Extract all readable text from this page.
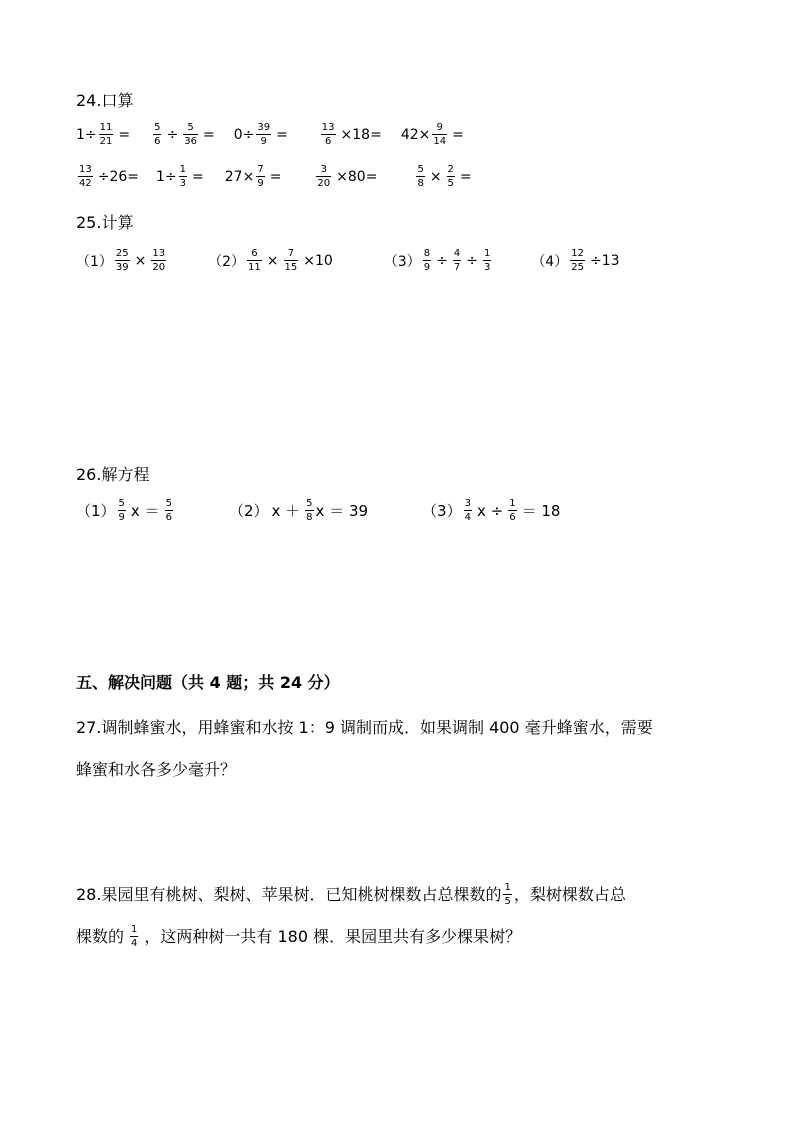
24.口算
$1\div \frac{11}{21} = \frac{5}{6} \div \frac{5}{36} = 0\div \frac{39}{9}$ =	$\frac{13}{6} \times 18= 42\times \frac{9}{14}$ =
$\frac{13}{42} \div 26= 1\div \frac{1}{3} = 27\times \frac{7}{9}$ =	$\frac{3}{20} \times 80=$	$\frac{5}{8} \times \frac{2}{5}$ =
25.计算
$(1) \frac{25}{39} \times \frac{13}{20}$	$(2) \frac{6}{11} \times \frac{7}{15} \times 10$	$(3) \frac{8}{9} \div \frac{4}{7} \div \frac{1}{3}$	$(4) \frac{12}{25} \div 13$
26.解方程
$(1) \frac{5}{9}$ $x = \frac{5}{6}$	（2） $x + \frac{5}{8}$ x ＝ 39	$(3) \frac{3}{4}$ $x \div \frac{1}{6} = 18$
五、解决问题（共 4 题；共 24 分）
27.调制蜂蜜水，用蜂蜜和水按 1：9 调制而成．如果调制 400 毫升蜂蜜水，需要
蜂蜜和水各多少毫升？
28.果园里有桃树、梨树、苹果树．已知桃树棵数占总棵数的 $\frac{1}{5}$ ，梨树棵数占总
棵数的 $\frac{1}{4}$ ，这两种树一共有 180 棵．果园里共有多少棵果树？
